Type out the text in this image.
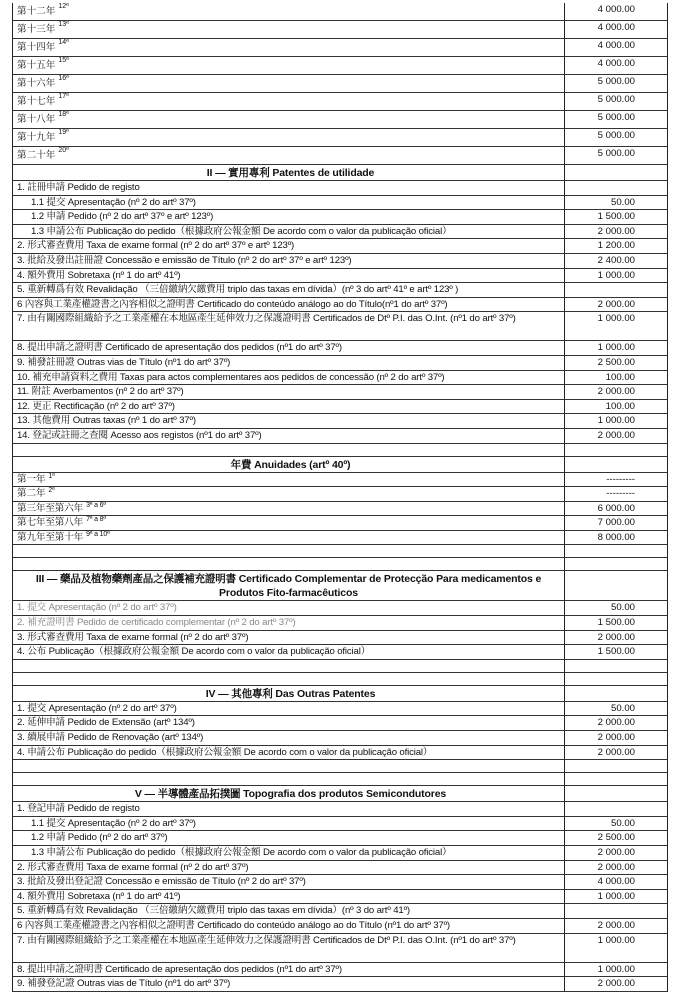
第十二年 $^{12ª}$	4 000.00
第十三年 $^{13ª}$	4 000.00
第十四年 $^{14ª}$	4 000.00
第十五年 $^{15ª}$	4 000.00
第十六年 $^{16ª}$	5 000.00
第十七年 $^{17ª}$	5 000.00
第十八年 $^{18ª}$	5 000.00
第十九年 $^{19ª}$	5 000.00
第二十年 $^{20ª}$	5 000.00
II — 實用專利 Patentes de utilidade
1. 註冊申請 Pedido de registo
1.1 提交 Apresentação (nº 2 do artº 37º)	50.00
1.2 申請 Pedido (nº 2 do artº 37º e artº 123º)	1 500.00
1.3 申請公布 Publicação do pedido（根據政府公報金額 De acordo com o valor da publicação oficial）	2 000.00
2. 形式審查費用 Taxa de exame formal (nº 2 do artº 37º e artº 123º)	1 200.00
3. 批給及發出註冊證 Concessão e emissão de Título (nº 2 do artº 37º e artº 123º)	2 400.00
4. 額外費用 Sobretaxa (nº 1 do artº 41º)	1 000.00
5. 重新轉爲有效 Revalidação （三倍繳納欠繳費用 triplo das taxas em dívida）(nº 3 do artº 41º e artº 123º )
6 內容與工業產權證書之內容相似之證明書 Certificado do conteúdo análogo ao do Título(nº1 do artº 37º)	2 000.00
7. 由有關國際組織給予之工業產權在本地區產生延伸效力之保護證明書 Certificados de Dtº P.I. das O.Int. (nº1 do artº 37º)	1 000.00
8. 提出申請之證明書 Certificado de apresentação dos pedidos (nº1 do artº 37º)	1 000.00
9. 補發註冊證 Outras vias de Título (nº1 do artº 37º)	2 500.00
10. 補充申請資料之費用 Taxas para actos complementares aos pedidos de concessão (nº 2 do artº 37º)	100.00
11. 附註 Averbamentos (nº 2 do artº 37º)	2 000.00
12. 更正 Rectificação (nº 2 do artº 37º)	100.00
13. 其他費用 Outras taxas (nº 1 do artº 37º)	1 000.00
14. 登記或註冊之查閱 Acesso aos registos (nº1 do artº 37º)	2 000.00
年費 Anuidades (artº 40º)
第一年 $^{1ª}$	---------
第二年 $^{2ª}$	---------
第三年至第六年 $^{3ª a 6ª}$	6 000.00
第七年至第八年 $^{7ª a 8ª}$	7 000.00
第九年至第十年 $^{9ª a 10ª}$	8 000.00
III — 藥品及植物藥劑產品之保護補充證明書 Certificado Complementar de Protecção Para medicamentos e Produtos Fito-farmacêuticos
1. 提交 Apresentação (nº 2 do artº 37º)	50.00
2. 補充證明書 Pedido de certificado complementar (nº 2 do artº 37º)	1 500.00
3. 形式審查費用 Taxa de exame formal (nº 2 do artº 37º)	2 000.00
4. 公布 Publicação（根據政府公報金額 De acordo com o valor da publicação oficial）	1 500.00
IV — 其他專利 Das Outras Patentes
1. 提交 Apresentação (nº 2 do artº 37º)	50.00
2. 延伸申請 Pedido de Extensão (artº 134º)	2 000.00
3. 續展申請 Pedido de Renovação (artº 134º)	2 000.00
4. 申請公布 Publicação do pedido（根據政府公報金額 De acordo com o valor da publicação oficial）	2 000.00
V — 半導體產品拓撲圖 Topografia dos produtos Semicondutores
1. 登記申請 Pedido de registo
1.1 提交 Apresentação (nº 2 do artº 37º)	50.00
1.2 申請 Pedido (nº 2 do artº 37º)	2 500.00
1.3 申請公布 Publicação do pedido（根據政府公報金額 De acordo com o valor da publicação oficial）	2 000.00
2. 形式審查費用 Taxa de exame formal (nº 2 do artº 37º)	2 000.00
3. 批給及發出登記證 Concessão e emissão de Título (nº 2 do artº 37º)	4 000.00
4. 額外費用 Sobretaxa (nº 1 do artº 41º)	1 000.00
5. 重新轉爲有效 Revalidação （三倍繳納欠繳費用 triplo das taxas em dívida）(nº 3 do artº 41º)
6 內容與工業產權證書之內容相似之證明書 Certificado do conteúdo análogo ao do Título (nº1 do artº 37º)	2 000.00
7. 由有關國際組織給予之工業產權在本地區產生延伸效力之保護證明書 Certificados de Dtº P.I. das O.Int. (nº1 do artº 37º)	1 000.00
8. 提出申請之證明書 Certificado de apresentação dos pedidos (nº1 do artº 37º)	1 000.00
9. 補發登記證 Outras vias de Título (nº1 do artº 37º)	2 000.00
